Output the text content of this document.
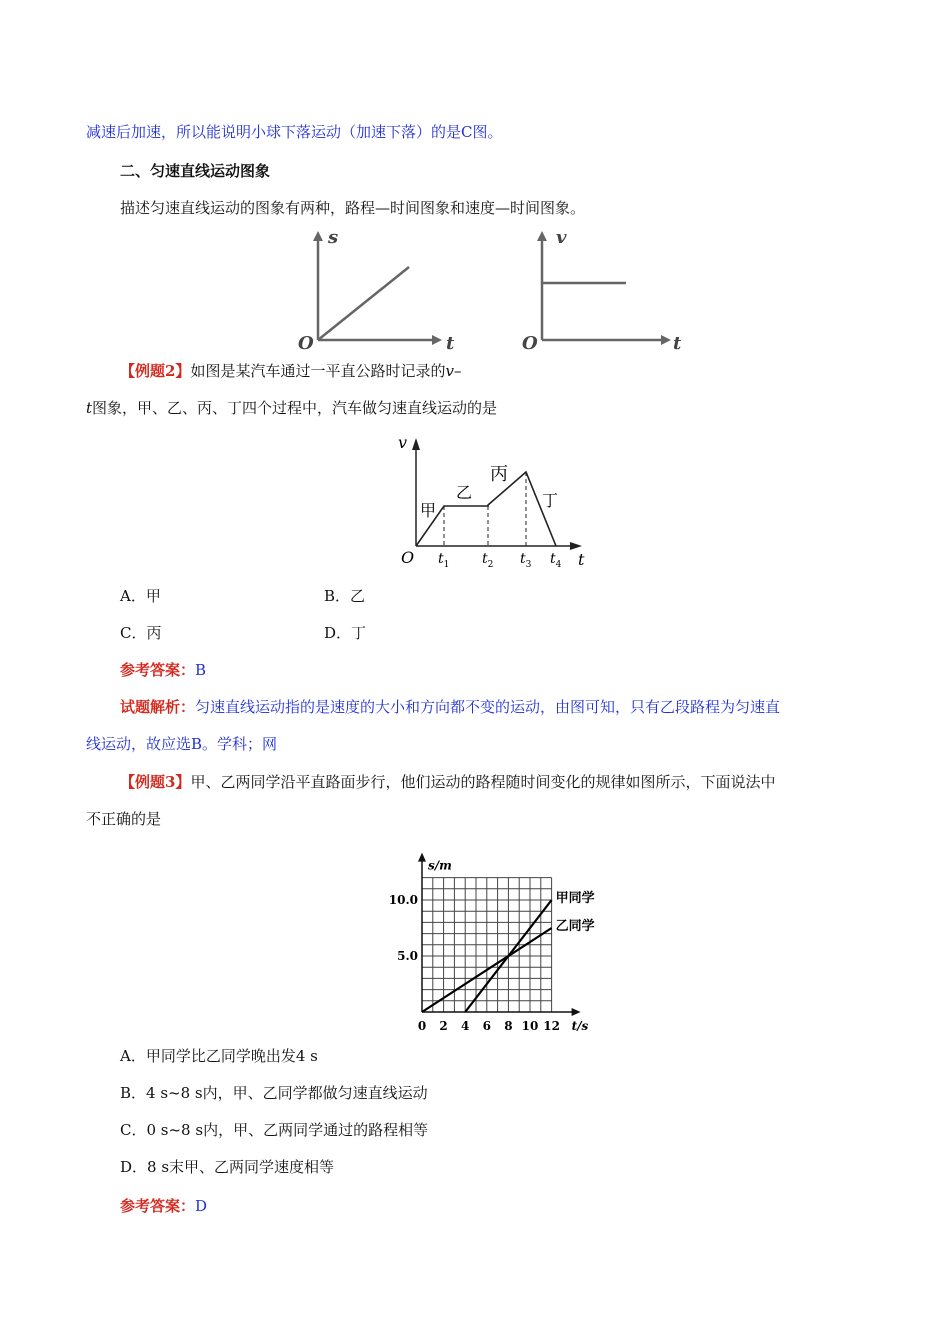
减速后加速，所以能说明小球下落运动（加速下落）的是C图。
二、匀速直线运动图象
描述匀速直线运动的图象有两种，路程—时间图象和速度—时间图象。
s
t
O
v
t
O
【例题2】如图是某汽车通过一平直公路时记录的v–
t图象，甲、乙、丙、丁四个过程中，汽车做匀速直线运动的是
v
t
O
甲
乙
丙
丁
$t_1$ $t_2$ $t_3$ $t_4$
A．甲	B．乙
C．丙	D．丁
参考答案：B
试题解析：匀速直线运动指的是速度的大小和方向都不变的运动，由图可知，只有乙段路程为匀速直
线运动，故应选B。学科；网
【例题3】甲、乙两同学沿平直路面步行，他们运动的路程随时间变化的规律如图所示，下面说法中
不正确的是
0 2 4 6 8 10 12
5.0
10.0
s/m
t/s
甲同学
乙同学
A．甲同学比乙同学晚出发4 s
B．4 s~8 s内，甲、乙同学都做匀速直线运动
C．0 s~8 s内，甲、乙两同学通过的路程相等
D．8 s末甲、乙两同学速度相等
参考答案：D
